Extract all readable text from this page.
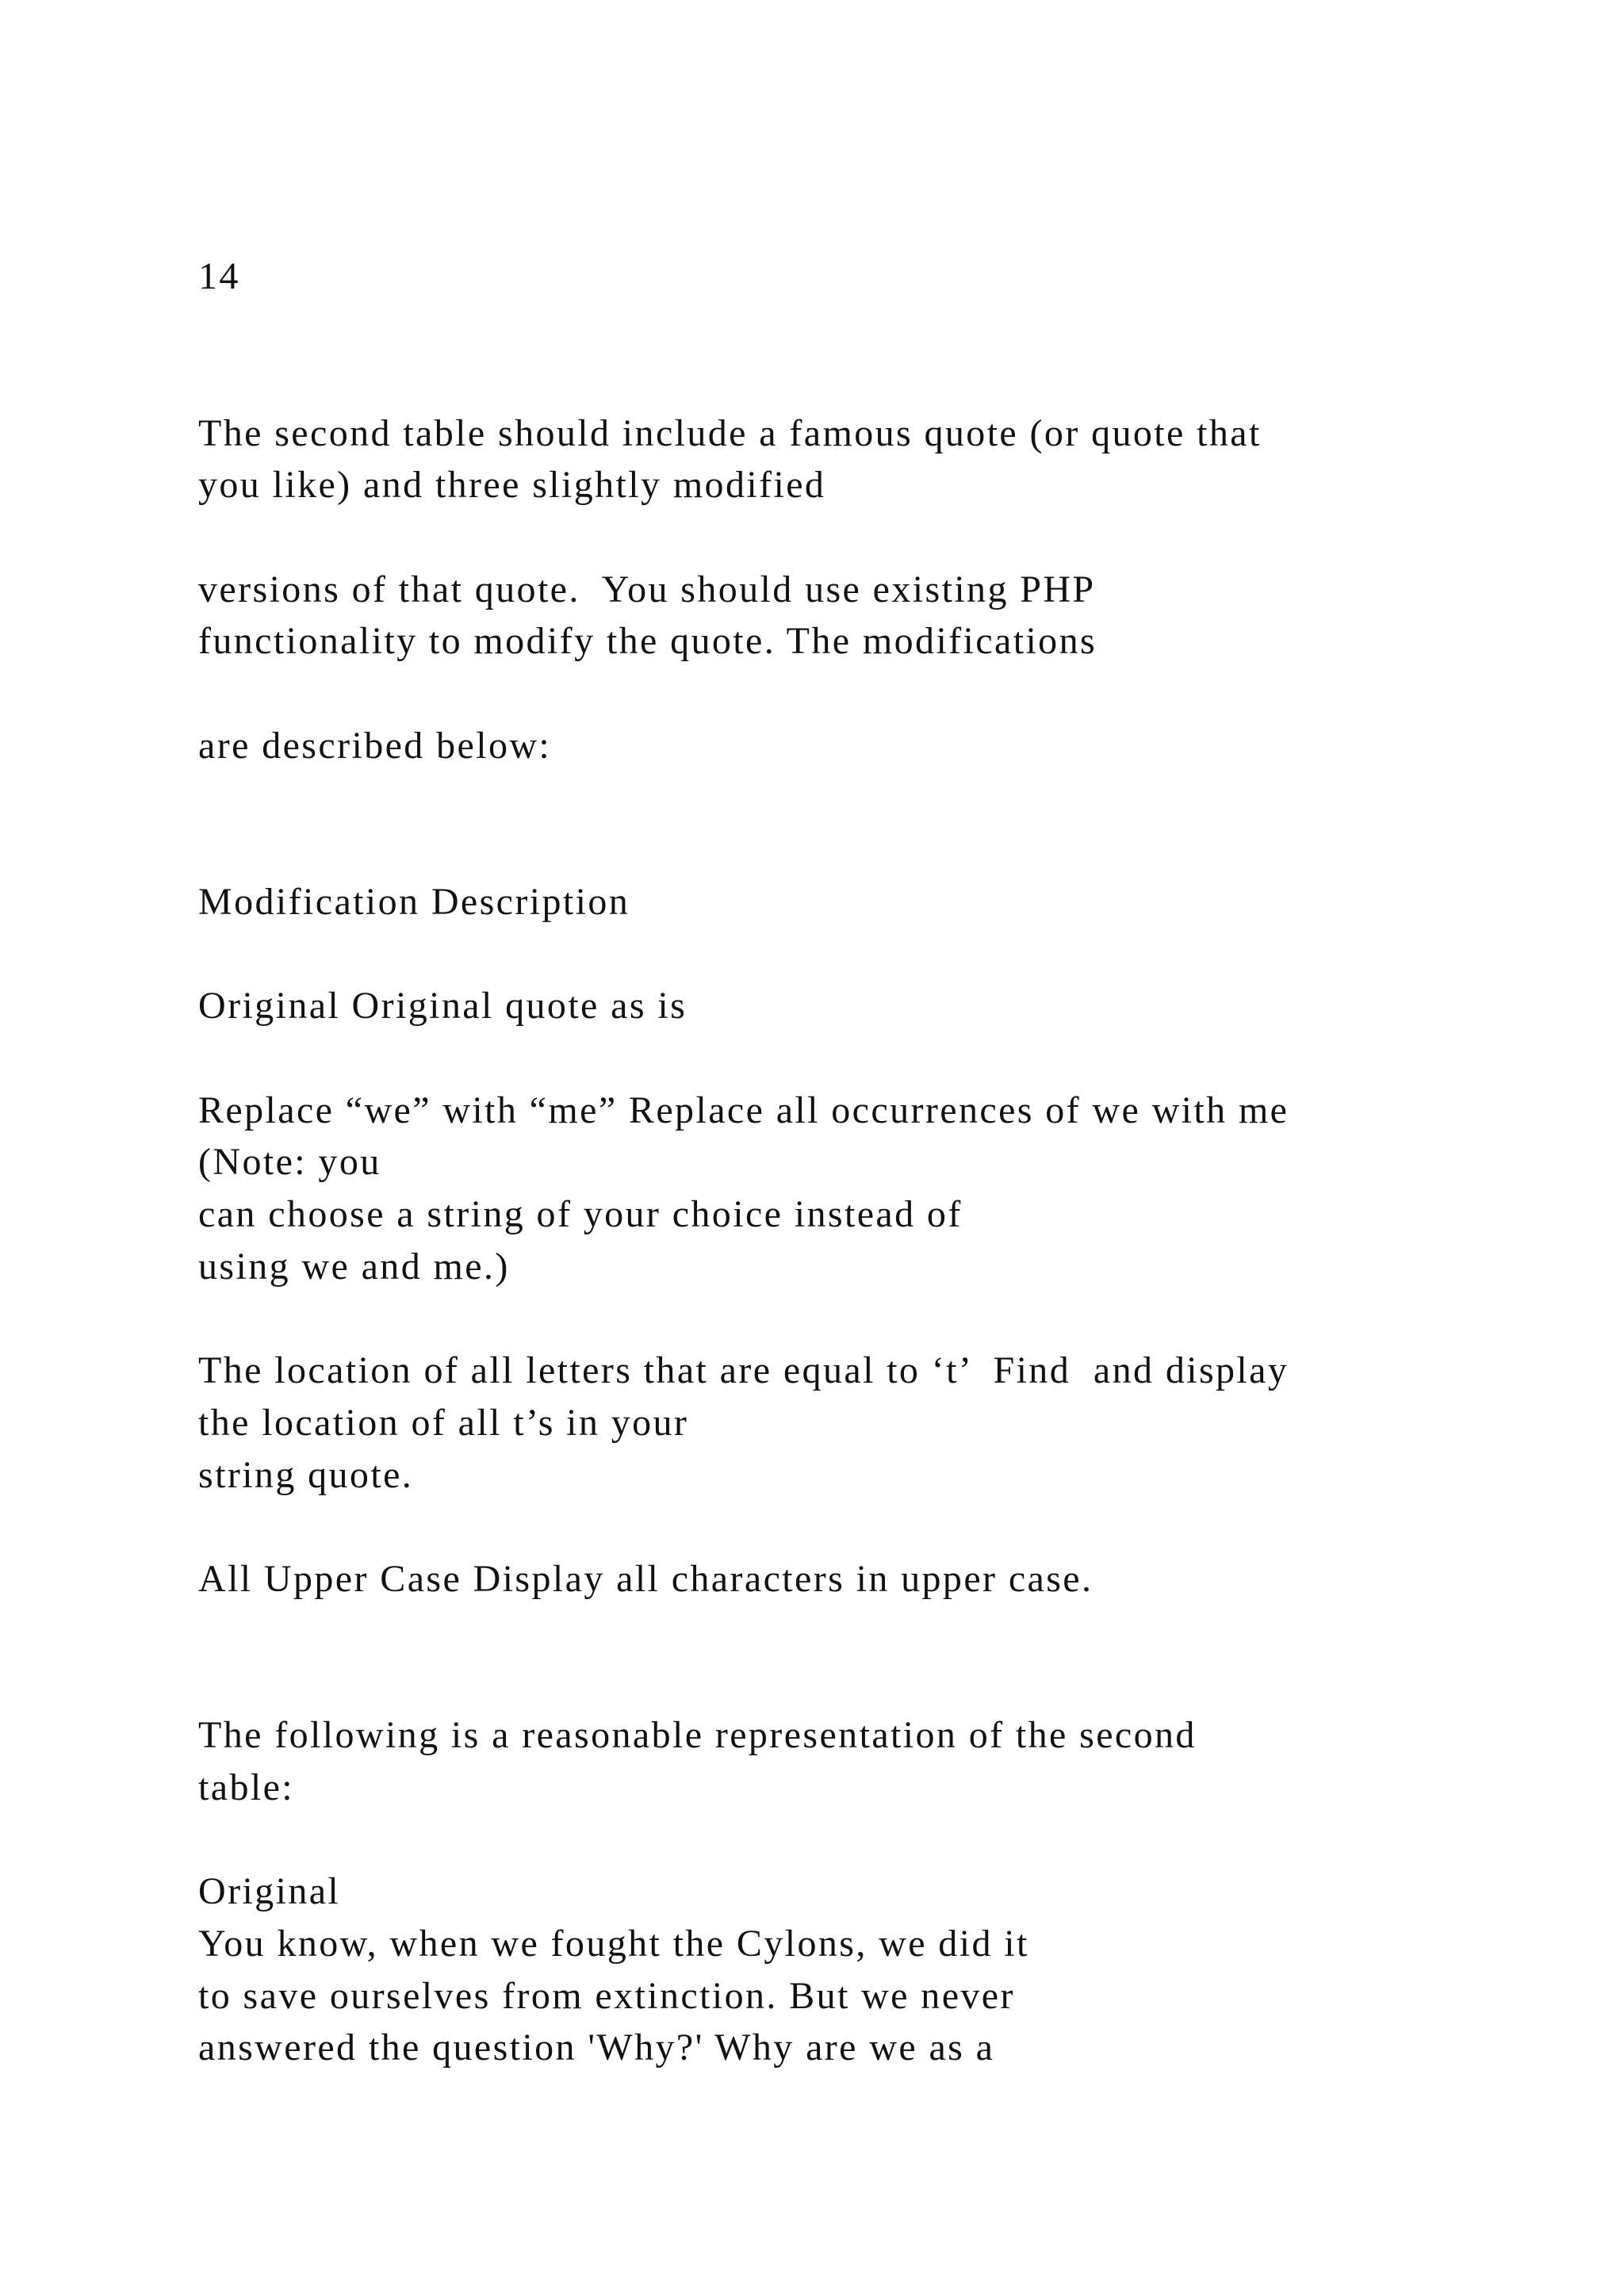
14
The second table should include a famous quote (or quote that
you like) and three slightly modified
versions of that quote.  You should use existing PHP
functionality to modify the quote. The modifications
are described below:
Modification Description
Original Original quote as is
Replace “we” with “me” Replace all occurrences of we with me
(Note: you
can choose a string of your choice instead of
using we and me.)
The location of all letters that are equal to ‘t’  Find  and display
the location of all t’s in your
string quote.
All Upper Case Display all characters in upper case.
The following is a reasonable representation of the second
table:
Original
You know, when we fought the Cylons, we did it
to save ourselves from extinction. But we never
answered the question 'Why?' Why are we as a
